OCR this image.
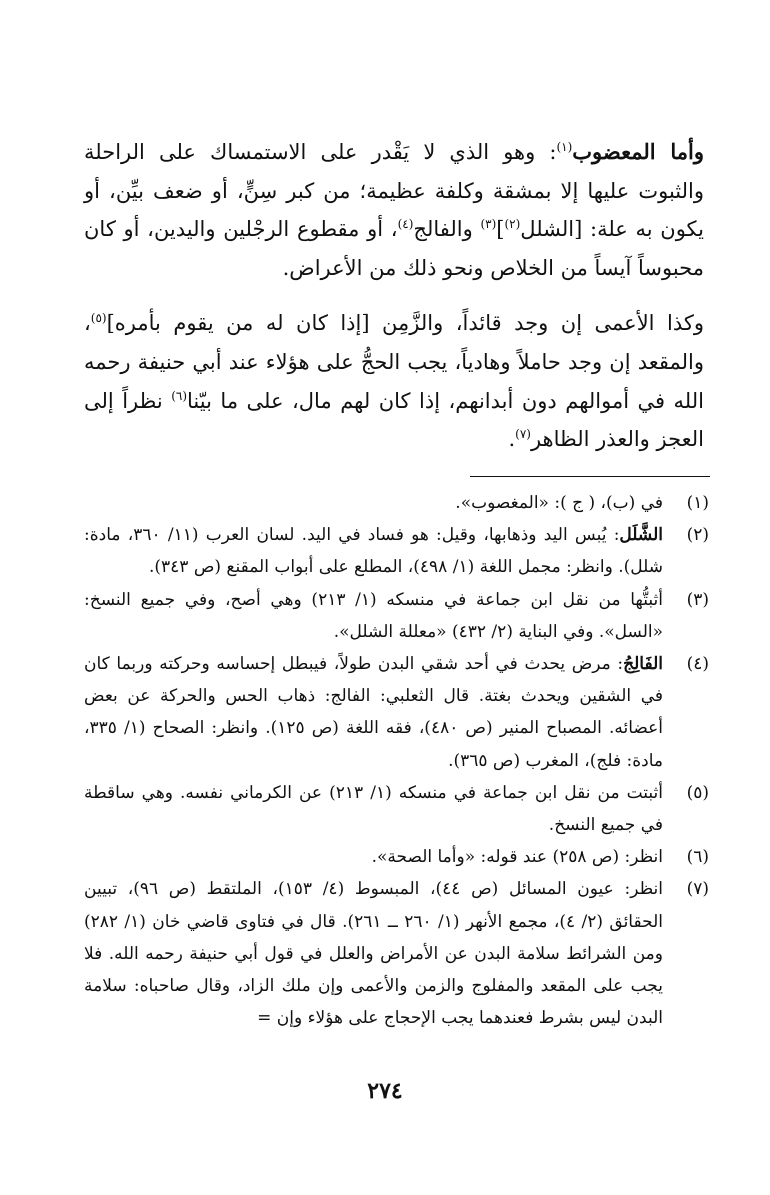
وأما المعضوب$^{(١)}$: وهو الذي لا يَقْدر على الاستمساك على الراحلة والثبوت عليها إلا بمشقة وكلفة عظيمة؛ من كبر سِنٍّ، أو ضعف بيِّن، أو يكون به علة: [الشلل$^{(٢)}$]$^{(٣)}$ والفالج$^{(٤)}$، أو مقطوع الرجْلين واليدين، أو كان محبوساً آيساً من الخلاص ونحو ذلك من الأعراض.

وكذا الأعمى إن وجد قائداً، والزَّمِن [إذا كان له من يقوم بأمره]$^{(٥)}$، والمقعد إن وجد حاملاً وهادياً، يجب الحجُّ على هؤلاء عند أبي حنيفة رحمه الله في أموالهم دون أبدانهم، إذا كان لهم مال، على ما بيّنا$^{(٦)}$ نظراً إلى العجز والعذر الظاهر$^{(٧)}$.

(١)
في (ب)، ( ج ): «المغصوب».
(٢)
الشَّلَل: يُبس اليد وذهابها، وقيل: هو فساد في اليد. لسان العرب (١١/ ٣٦٠، مادة: شلل). وانظر: مجمل اللغة (١/ ٤٩٨)، المطلع على أبواب المقنع (ص ٣٤٣).
(٣)
أثبتُّها من نقل ابن جماعة في منسكه (١/ ٢١٣) وهي أصح، وفي جميع النسخ: «السل». وفي البناية (٢/ ٤٣٢) «معللة الشلل».
(٤)
الفَالِجُ: مرض يحدث في أحد شقي البدن طولاً، فيبطل إحساسه وحركته وربما كان في الشقين ويحدث بغتة. قال الثعلبي: الفالج: ذهاب الحس والحركة عن بعض أعضائه. المصباح المنير (ص ٤٨٠)، فقه اللغة (ص ١٢٥). وانظر: الصحاح (١/ ٣٣٥، مادة: فلج)، المغرب (ص ٣٦٥).
(٥)
أثبتت من نقل ابن جماعة في منسكه (١/ ٢١٣) عن الكرماني نفسه. وهي ساقطة في جميع النسخ.
(٦)
انظر: (ص ٢٥٨) عند قوله: «وأما الصحة».
(٧)
انظر: عيون المسائل (ص ٤٤)، المبسوط (٤/ ١٥٣)، الملتقط (ص ٩٦)، تبيين الحقائق (٢/ ٤)، مجمع الأنهر (١/ ٢٦٠ ــ ٢٦١). قال في فتاوى قاضي خان (١/ ٢٨٢) ومن الشرائط سلامة البدن عن الأمراض والعلل في قول أبي حنيفة رحمه الله. فلا يجب على المقعد والمفلوج والزمن والأعمى وإن ملك الزاد، وقال صاحباه: سلامة البدن ليس بشرط فعندهما يجب الإحجاج على هؤلاء وإن =
٢٧٤
